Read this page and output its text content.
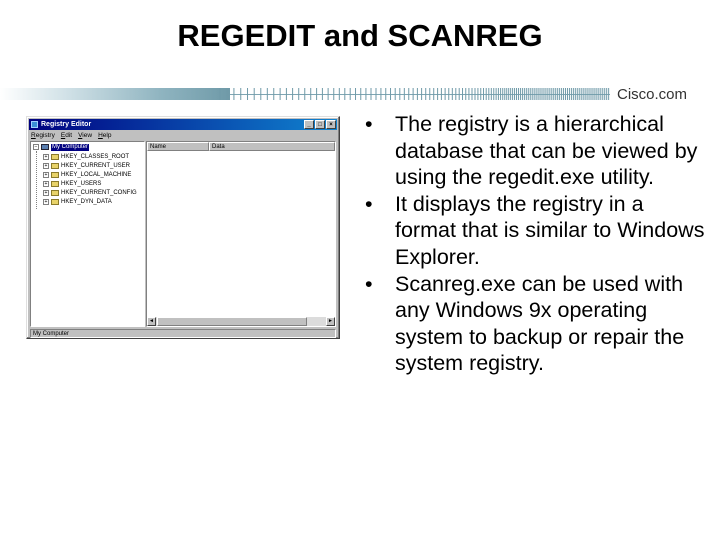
REGEDIT and SCANREG
Cisco.com
Registry Editor	_	□	×
Registry Edit View Help
− My Computer
+ HKEY_CLASSES_ROOT
+ HKEY_CURRENT_USER
+ HKEY_LOCAL_MACHINE
+ HKEY_USERS
+ HKEY_CURRENT_CONFIG
+ HKEY_DYN_DATA
Name	Data
◄	►
My Computer
• The registry is a hierarchical database that can be viewed by using the regedit.exe utility.
• It displays the registry in a format that is similar to Windows Explorer.
• Scanreg.exe can be used with any Windows 9x operating system to backup or repair the system registry.
